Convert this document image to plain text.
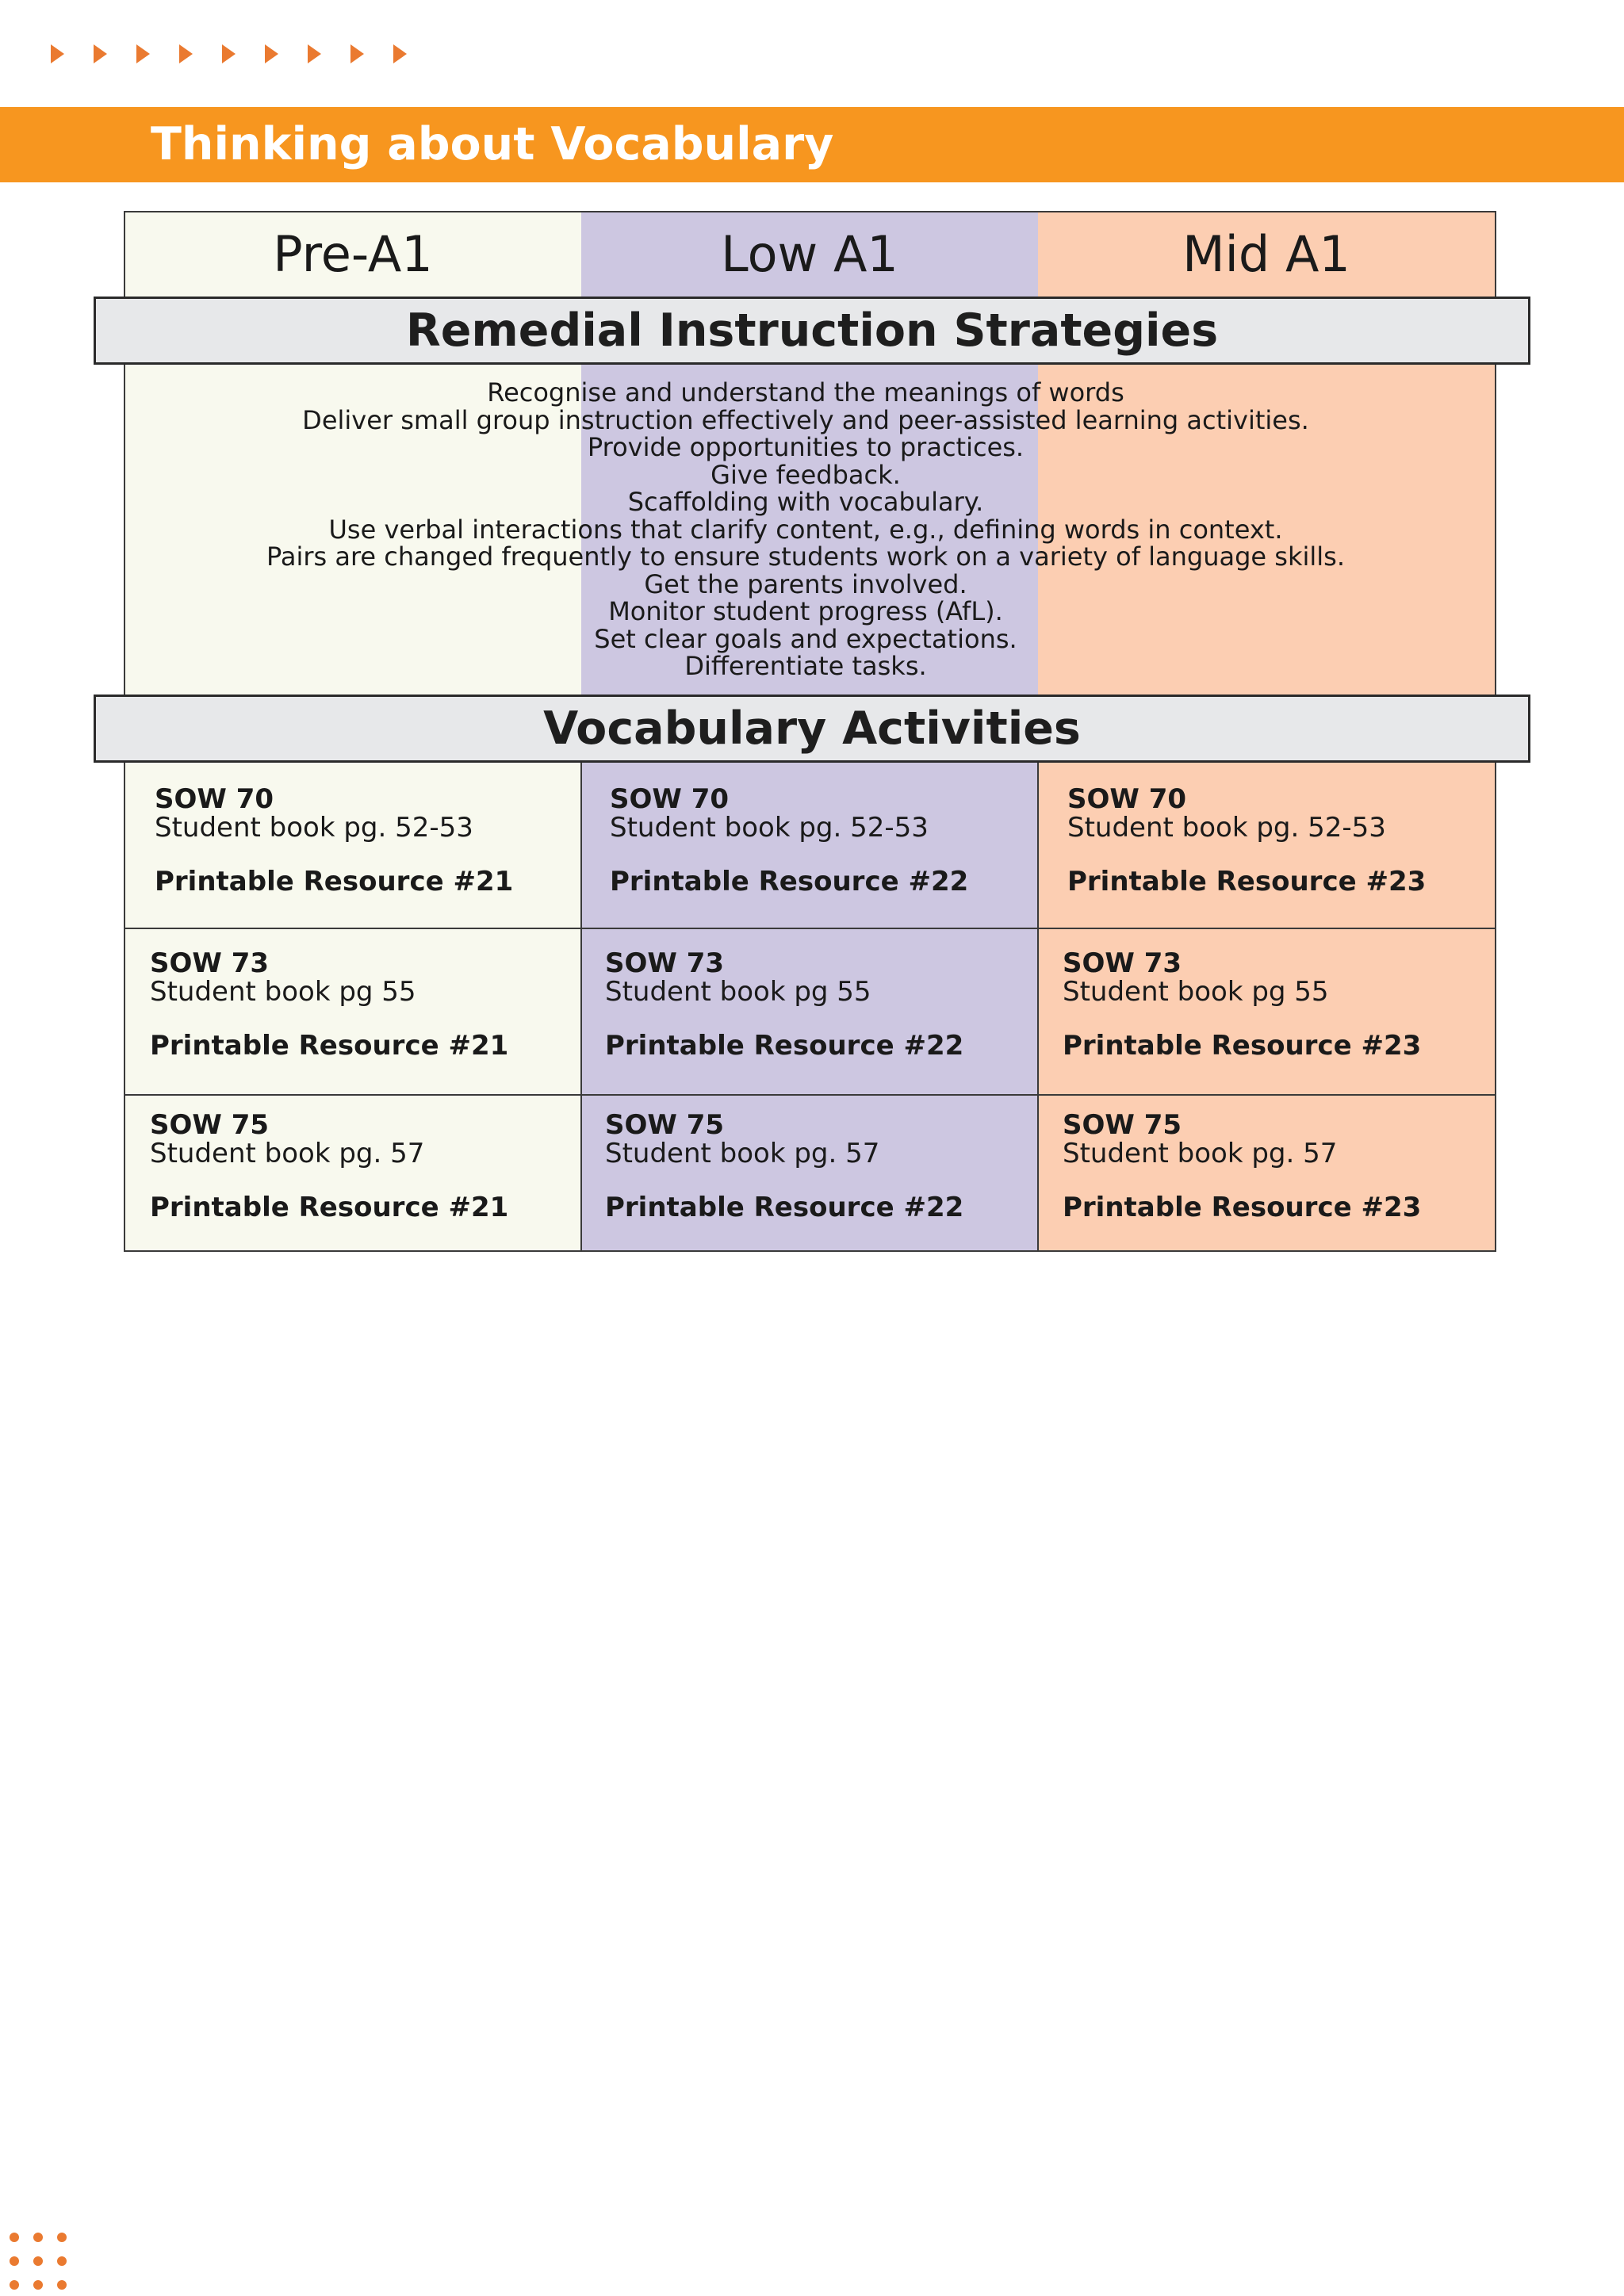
Thinking about Vocabulary
Pre-A1	Low A1	Mid A1
Remedial Instruction Strategies
Recognise and understand the meanings of words
Deliver small group instruction effectively and peer-assisted learning activities.
Provide opportunities to practices.
Give feedback.
Scaffolding with vocabulary.
Use verbal interactions that clarify content, e.g., defining words in context.
Pairs are changed frequently to ensure students work on a variety of language skills.
Get the parents involved.
Monitor student progress (AfL).
Set clear goals and expectations.
Differentiate tasks.
Vocabulary Activities
SOW 70
Student book pg. 52-53
Printable Resource #21
SOW 70
Student book pg. 52-53
Printable Resource #22
SOW 70
Student book pg. 52-53
Printable Resource #23
SOW 73
Student book pg 55
Printable Resource #21
SOW 73
Student book pg 55
Printable Resource #22
SOW 73
Student book pg 55
Printable Resource #23
SOW 75
Student book pg. 57
Printable Resource #21
SOW 75
Student book pg. 57
Printable Resource #22
SOW 75
Student book pg. 57
Printable Resource #23
